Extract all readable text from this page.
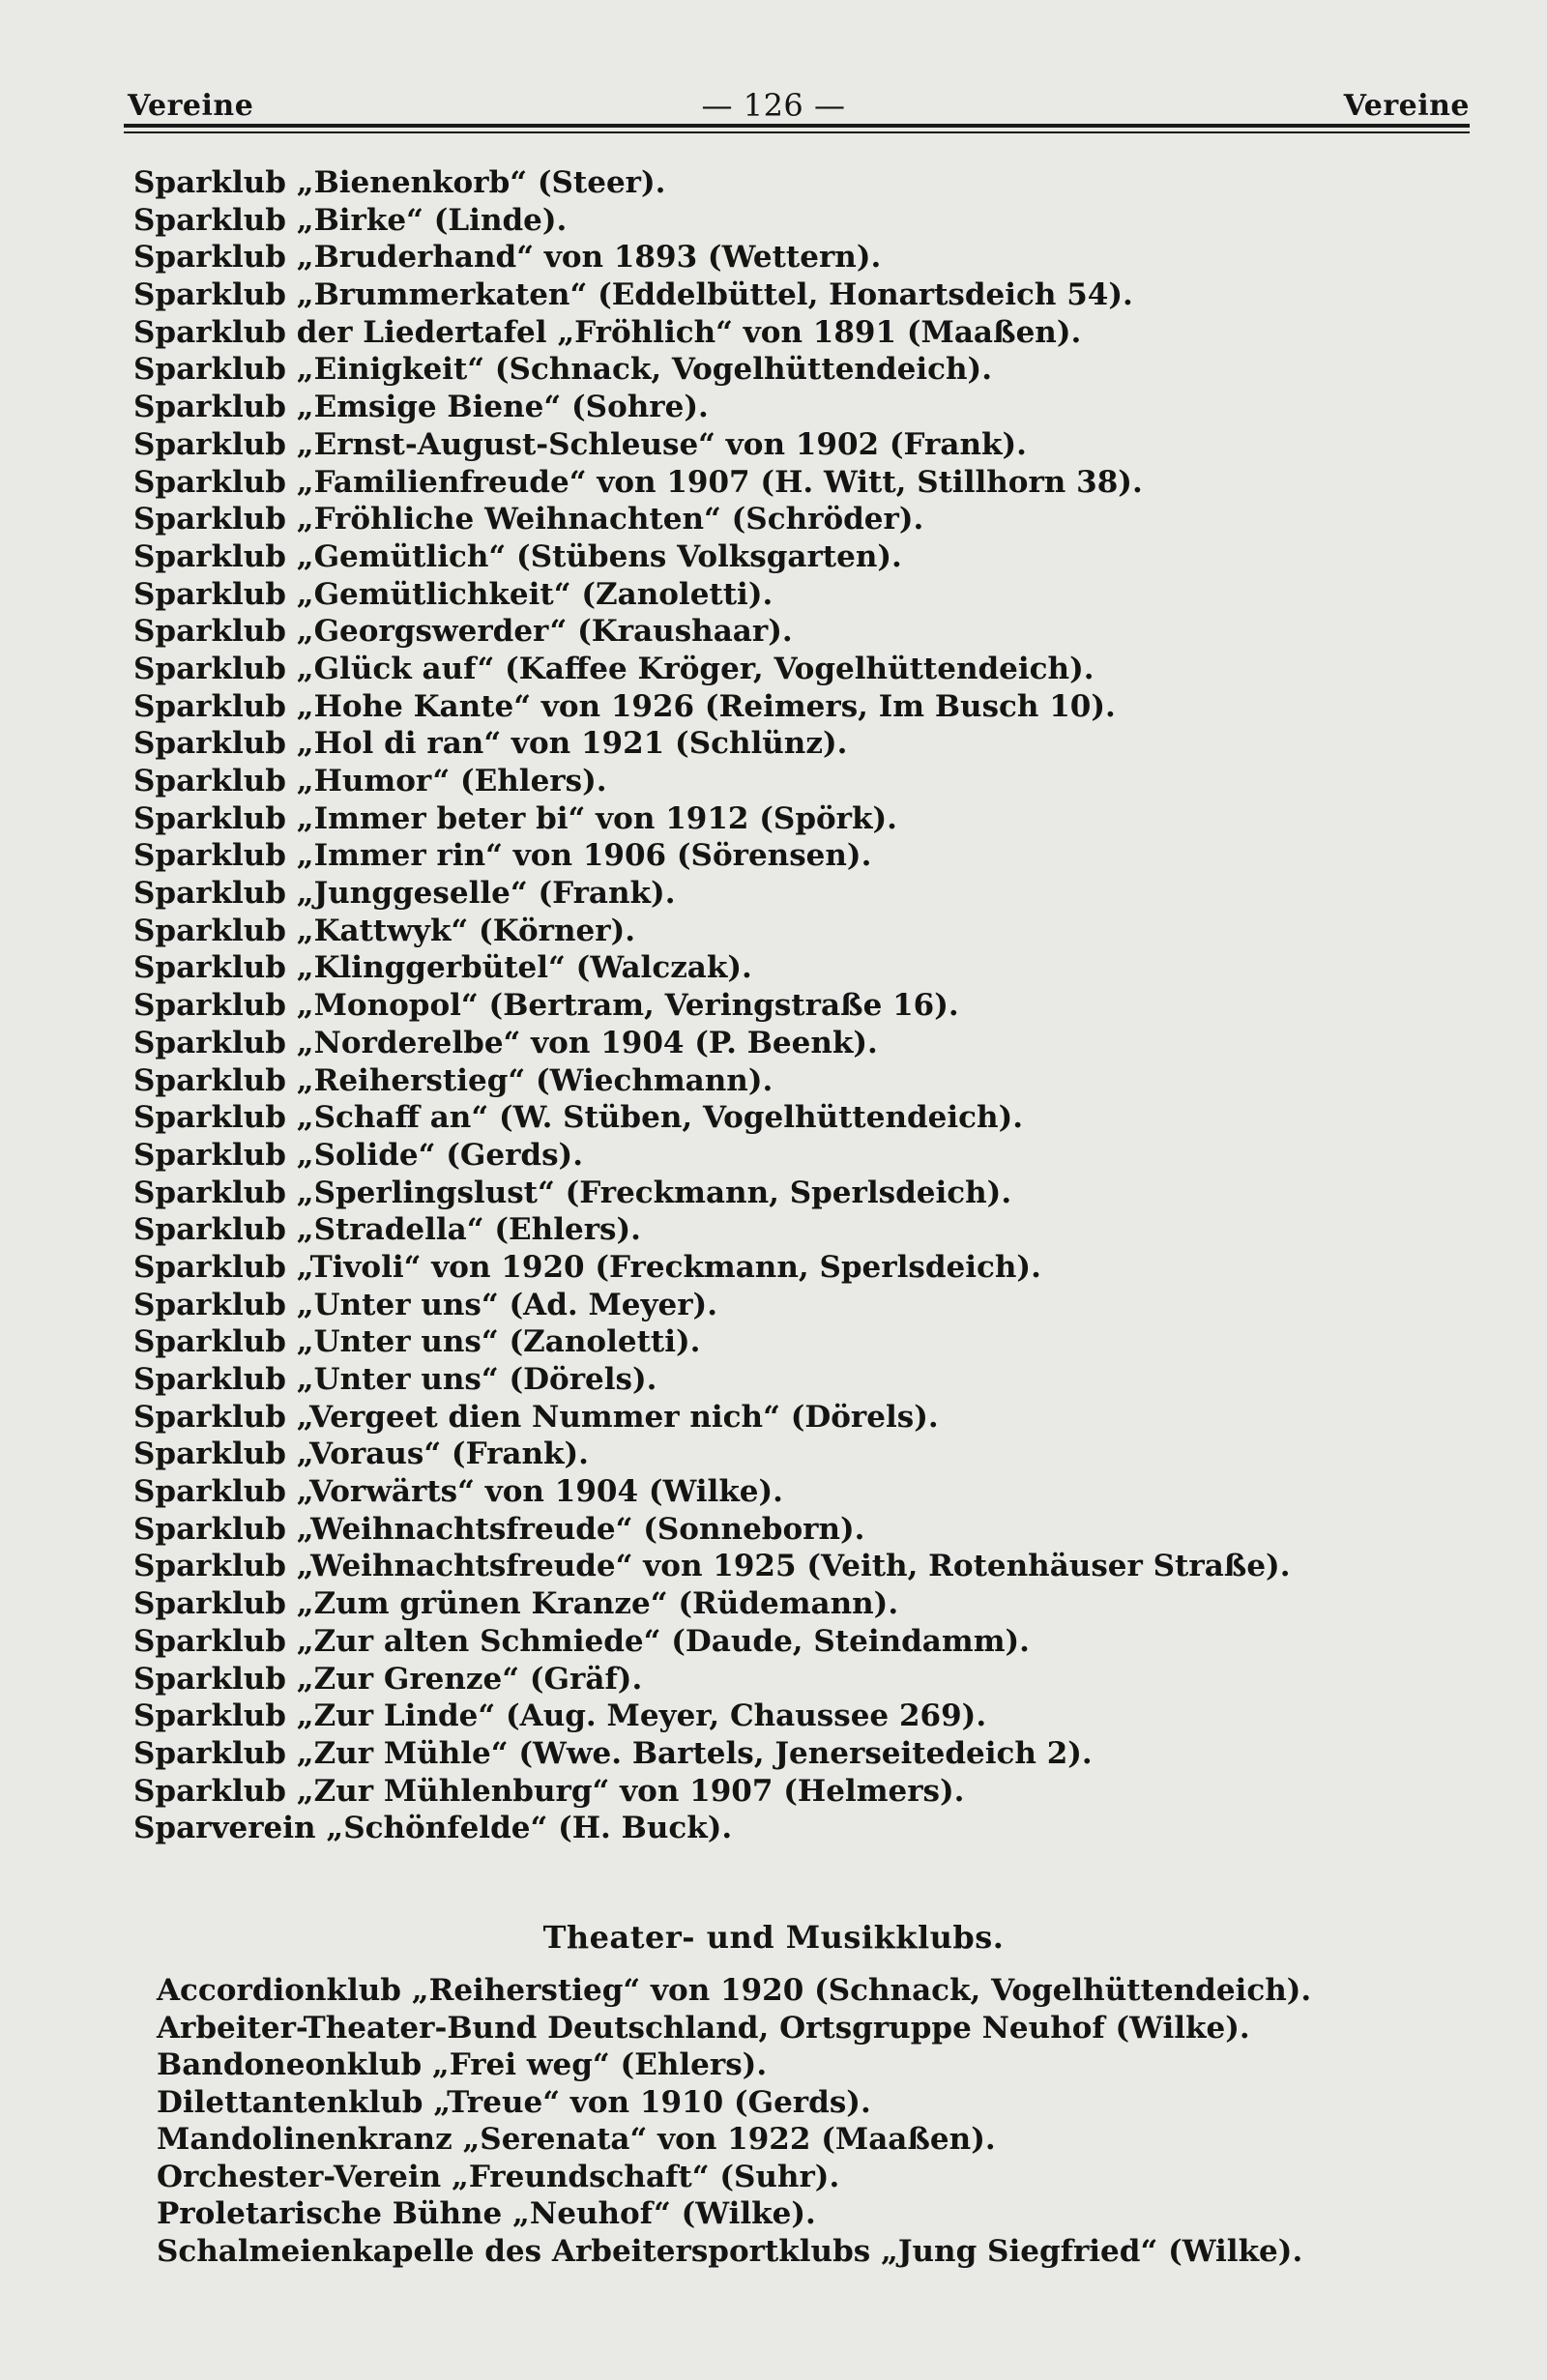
Vereine	— 126 —	Vereine
Sparklub „Bienenkorb“ (Steer).
Sparklub „Birke“ (Linde).
Sparklub „Bruderhand“ von 1893 (Wettern).
Sparklub „Brummerkaten“ (Eddelbüttel, Honartsdeich 54).
Sparklub der Liedertafel „Fröhlich“ von 1891 (Maaßen).
Sparklub „Einigkeit“ (Schnack, Vogelhüttendeich).
Sparklub „Emsige Biene“ (Sohre).
Sparklub „Ernst-August-Schleuse“ von 1902 (Frank).
Sparklub „Familienfreude“ von 1907 (H. Witt, Stillhorn 38).
Sparklub „Fröhliche Weihnachten“ (Schröder).
Sparklub „Gemütlich“ (Stübens Volksgarten).
Sparklub „Gemütlichkeit“ (Zanoletti).
Sparklub „Georgswerder“ (Kraushaar).
Sparklub „Glück auf“ (Kaffee Kröger, Vogelhüttendeich).
Sparklub „Hohe Kante“ von 1926 (Reimers, Im Busch 10).
Sparklub „Hol di ran“ von 1921 (Schlünz).
Sparklub „Humor“ (Ehlers).
Sparklub „Immer beter bi“ von 1912 (Spörk).
Sparklub „Immer rin“ von 1906 (Sörensen).
Sparklub „Junggeselle“ (Frank).
Sparklub „Kattwyk“ (Körner).
Sparklub „Klinggerbütel“ (Walczak).
Sparklub „Monopol“ (Bertram, Veringstraße 16).
Sparklub „Norderelbe“ von 1904 (P. Beenk).
Sparklub „Reiherstieg“ (Wiechmann).
Sparklub „Schaff an“ (W. Stüben, Vogelhüttendeich).
Sparklub „Solide“ (Gerds).
Sparklub „Sperlingslust“ (Freckmann, Sperlsdeich).
Sparklub „Stradella“ (Ehlers).
Sparklub „Tivoli“ von 1920 (Freckmann, Sperlsdeich).
Sparklub „Unter uns“ (Ad. Meyer).
Sparklub „Unter uns“ (Zanoletti).
Sparklub „Unter uns“ (Dörels).
Sparklub „Vergeet dien Nummer nich“ (Dörels).
Sparklub „Voraus“ (Frank).
Sparklub „Vorwärts“ von 1904 (Wilke).
Sparklub „Weihnachtsfreude“ (Sonneborn).
Sparklub „Weihnachtsfreude“ von 1925 (Veith, Rotenhäuser Straße).
Sparklub „Zum grünen Kranze“ (Rüdemann).
Sparklub „Zur alten Schmiede“ (Daude, Steindamm).
Sparklub „Zur Grenze“ (Gräf).
Sparklub „Zur Linde“ (Aug. Meyer, Chaussee 269).
Sparklub „Zur Mühle“ (Wwe. Bartels, Jenerseitedeich 2).
Sparklub „Zur Mühlenburg“ von 1907 (Helmers).
Sparverein „Schönfelde“ (H. Buck).
Theater- und Musikklubs.
Accordionklub „Reiherstieg“ von 1920 (Schnack, Vogelhüttendeich).
Arbeiter-Theater-Bund Deutschland, Ortsgruppe Neuhof (Wilke).
Bandoneonklub „Frei weg“ (Ehlers).
Dilettantenklub „Treue“ von 1910 (Gerds).
Mandolinenkranz „Serenata“ von 1922 (Maaßen).
Orchester-Verein „Freundschaft“ (Suhr).
Proletarische Bühne „Neuhof“ (Wilke).
Schalmeienkapelle des Arbeitersportklubs „Jung Siegfried“ (Wilke).
